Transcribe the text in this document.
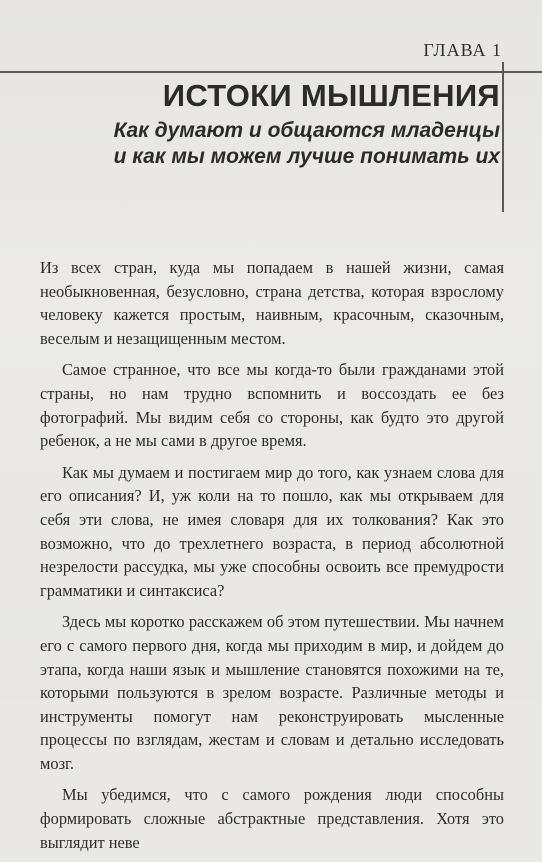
ГЛАВА 1
ИСТОКИ МЫШЛЕНИЯ
Как думают и общаются младенцы
и как мы можем лучше понимать их

Из всех стран, куда мы попадаем в нашей жизни, самая необыкновенная, безусловно, страна детства, которая взрослому человеку кажется простым, наивным, красочным, сказочным, веселым и незащищенным местом.

Самое странное, что все мы когда-то были гражданами этой страны, но нам трудно вспомнить и воссоздать ее без фотографий. Мы видим себя со стороны, как будто это другой ребенок, а не мы сами в другое время.

Как мы думаем и постигаем мир до того, как узнаем слова для его описания? И, уж коли на то пошло, как мы открываем для себя эти слова, не имея словаря для их толкования? Как это возможно, что до трехлетнего возраста, в период абсолютной незрелости рассудка, мы уже способны освоить все премудрости грамматики и синтаксиса?

Здесь мы коротко расскажем об этом путешествии. Мы начнем его с самого первого дня, когда мы приходим в мир, и дойдем до этапа, когда наши язык и мышление становятся похожими на те, которыми пользуются в зрелом возрасте. Различные методы и инструменты помогут нам реконструировать мысленные процессы по взглядам, жестам и словам и детально исследовать мозг.

Мы убедимся, что с самого рождения люди способны формировать сложные абстрактные представления. Хотя это выглядит неве
